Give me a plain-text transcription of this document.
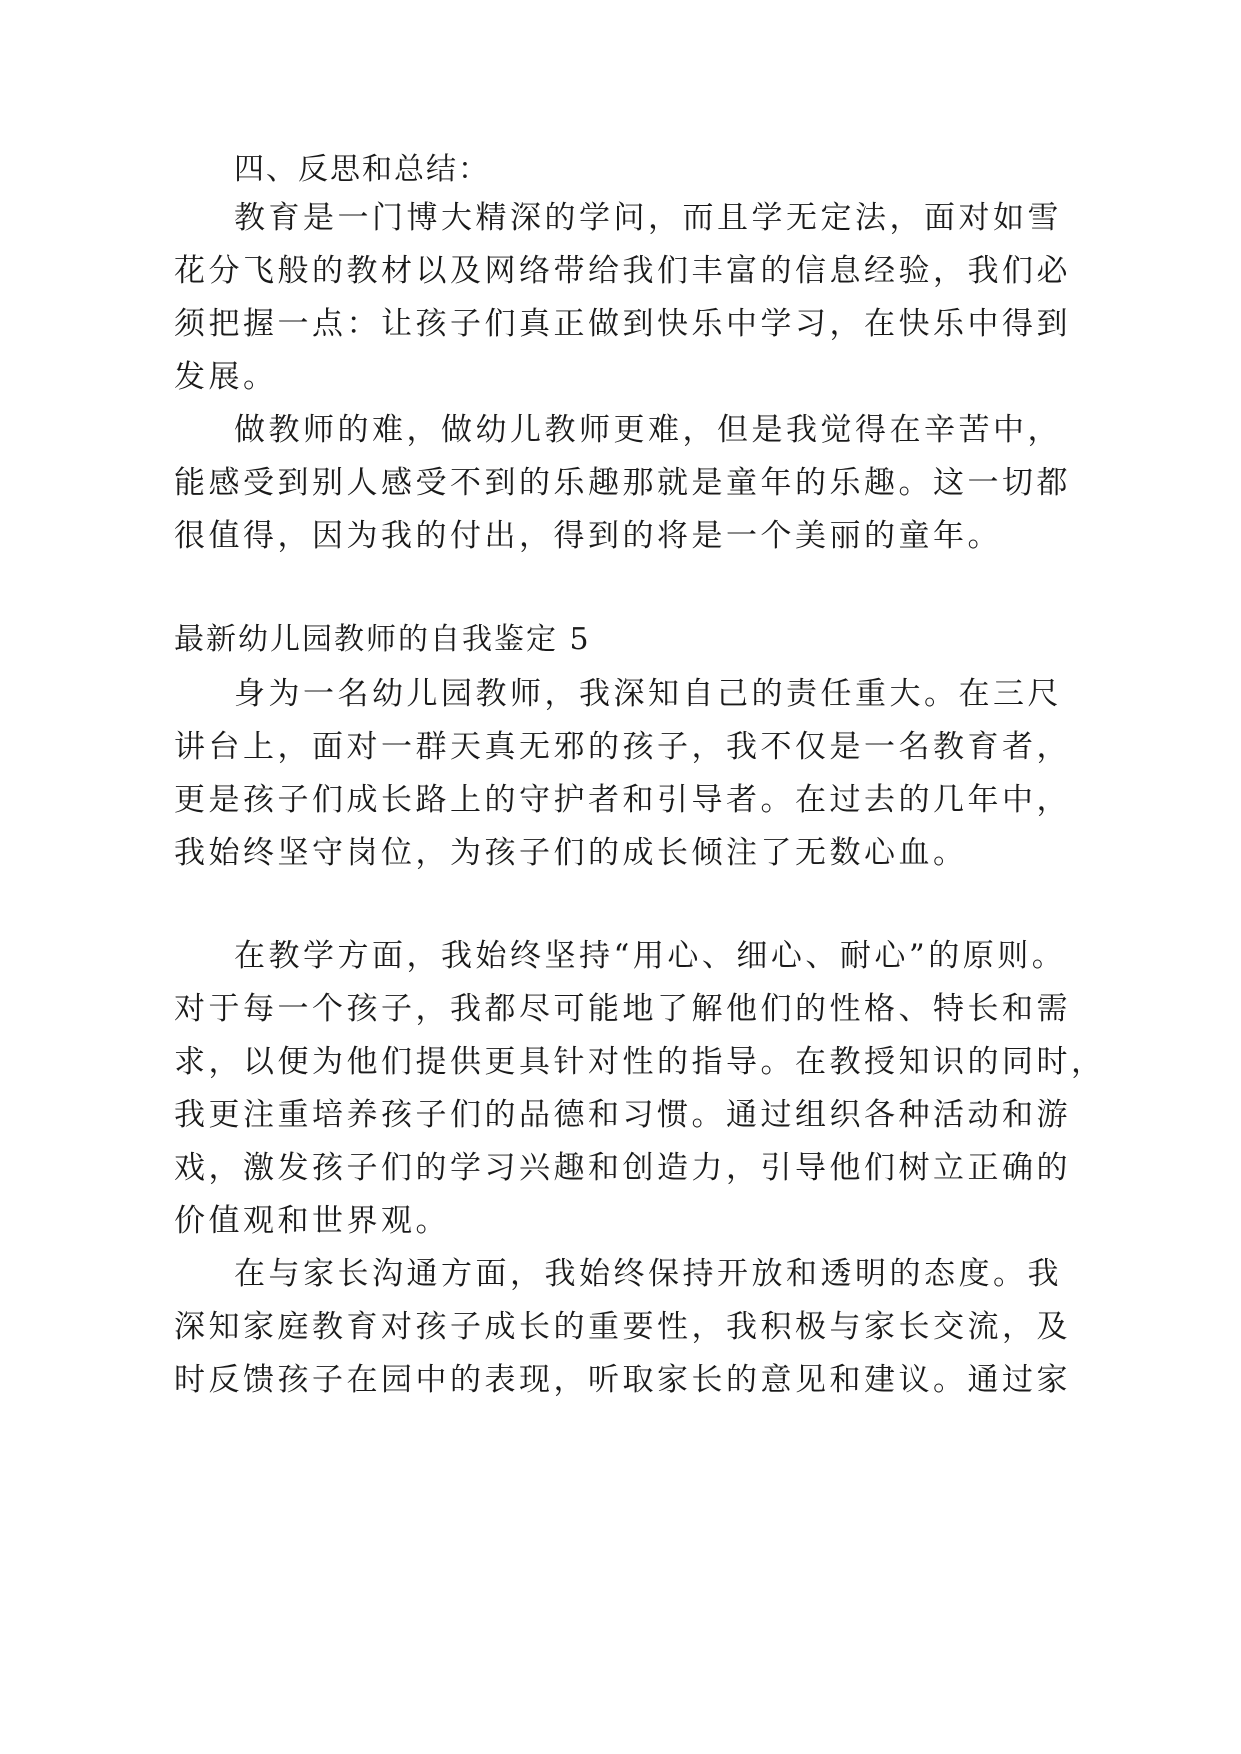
四、反思和总结：
教育是一门博大精深的学问，而且学无定法，面对如雪
花分飞般的教材以及网络带给我们丰富的信息经验，我们必
须把握一点：让孩子们真正做到快乐中学习，在快乐中得到
发展。
做教师的难，做幼儿教师更难，但是我觉得在辛苦中，
能感受到别人感受不到的乐趣那就是童年的乐趣。这一切都
很值得，因为我的付出，得到的将是一个美丽的童年。
最新幼儿园教师的自我鉴定 5
身为一名幼儿园教师，我深知自己的责任重大。在三尺
讲台上，面对一群天真无邪的孩子，我不仅是一名教育者，
更是孩子们成长路上的守护者和引导者。在过去的几年中，
我始终坚守岗位，为孩子们的成长倾注了无数心血。
在教学方面，我始终坚持“用心、细心、耐心”的原则。
对于每一个孩子，我都尽可能地了解他们的性格、特长和需
求，以便为他们提供更具针对性的指导。在教授知识的同时，
我更注重培养孩子们的品德和习惯。通过组织各种活动和游
戏，激发孩子们的学习兴趣和创造力，引导他们树立正确的
价值观和世界观。
在与家长沟通方面，我始终保持开放和透明的态度。我
深知家庭教育对孩子成长的重要性，我积极与家长交流，及
时反馈孩子在园中的表现，听取家长的意见和建议。通过家
